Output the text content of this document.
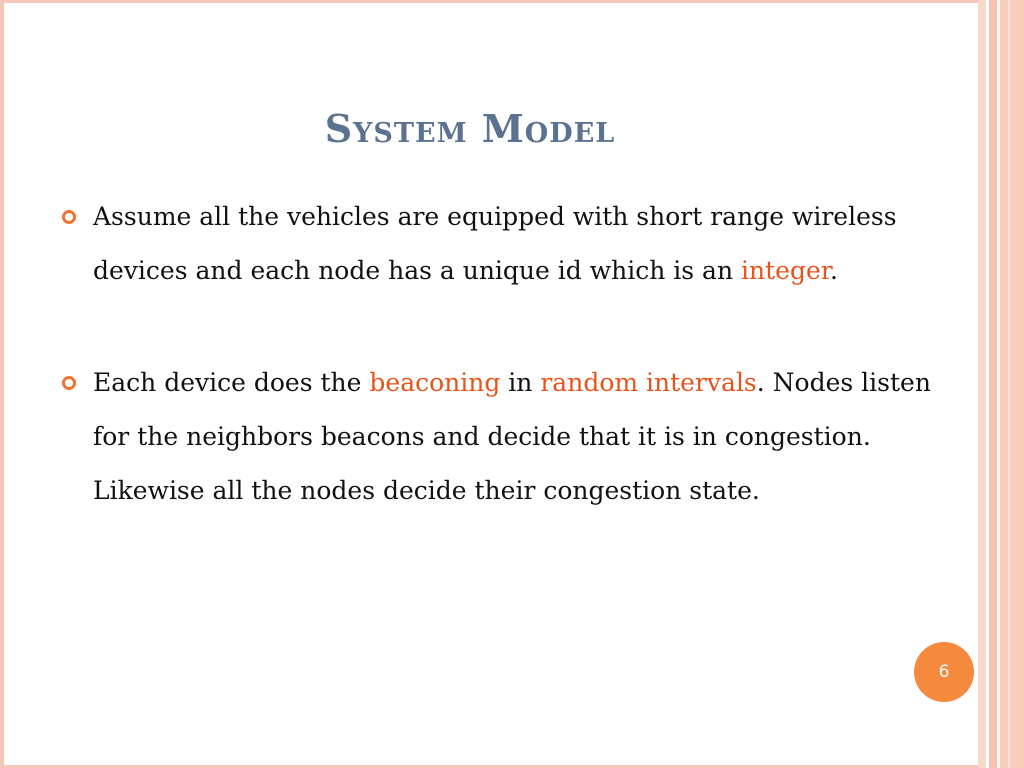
System Model
Assume all the vehicles are equipped with short range wireless devices and each node has a unique id which is an integer.
Each device does the beaconing in random intervals. Nodes listen for the neighbors beacons and decide that it is in congestion. Likewise all the nodes decide their congestion state.
6
